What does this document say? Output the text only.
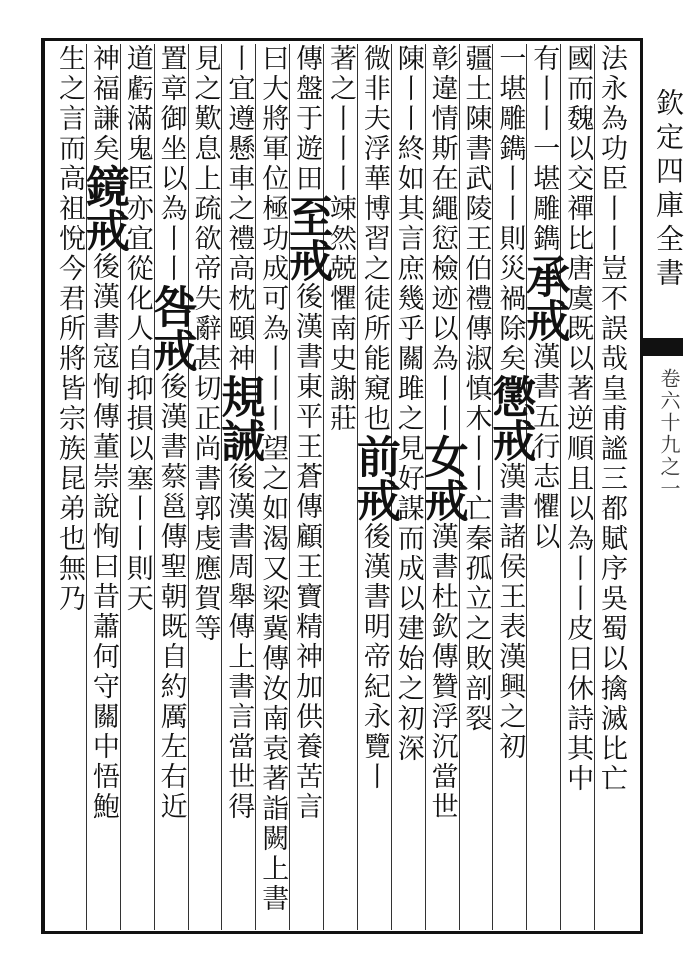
欽定四庫全書
卷六十九之一
法永為功臣丨丨豈不誤哉皇甫謐三都賦序吳蜀以擒滅比亡
國而魏以交禪比唐虞既以著逆順且以為丨丨皮日休詩其中
有丨丨一堪雕鐫承戒漢書五行志懼以
一堪雕鐫丨丨則災禍除矣懲戒漢書諸侯王表漢興之初
疆土陳書武陵王伯禮傳淑慎木丨丨亡秦孤立之敗剖裂
彰違情斯在繩愆檢迹以為丨丨女戒漢書杜欽傳贊浮沉當世
陳丨丨終如其言庶幾乎關雎之見好謀而成以建始之初深
微非夫浮華博習之徒所能窺也前戒後漢書明帝紀永覽丨
著之丨丨丨竦然兢懼南史謝莊
傳盤于遊田至戒後漢書東平王蒼傳顧王寶精神加供養苦言
曰大將軍位極功成可為丨丨丨望之如渴又梁冀傳汝南袁著詣闕上書
丨宜遵懸車之禮高枕頤神規誡後漢書周舉傳上書言當世得
見之歎息上疏欲帝失辭甚切正尚書郭虔應賀等
置章御坐以為丨丨咎戒後漢書蔡邕傳聖朝既自約厲左右近
道虧滿鬼臣亦宜從化人自抑損以塞丨丨則天
神福謙矣鏡戒後漢書寇恂傳董崇說恂曰昔蕭何守關中悟鮑
生之言而高祖悅今君所將皆宗族昆弟也無乃
